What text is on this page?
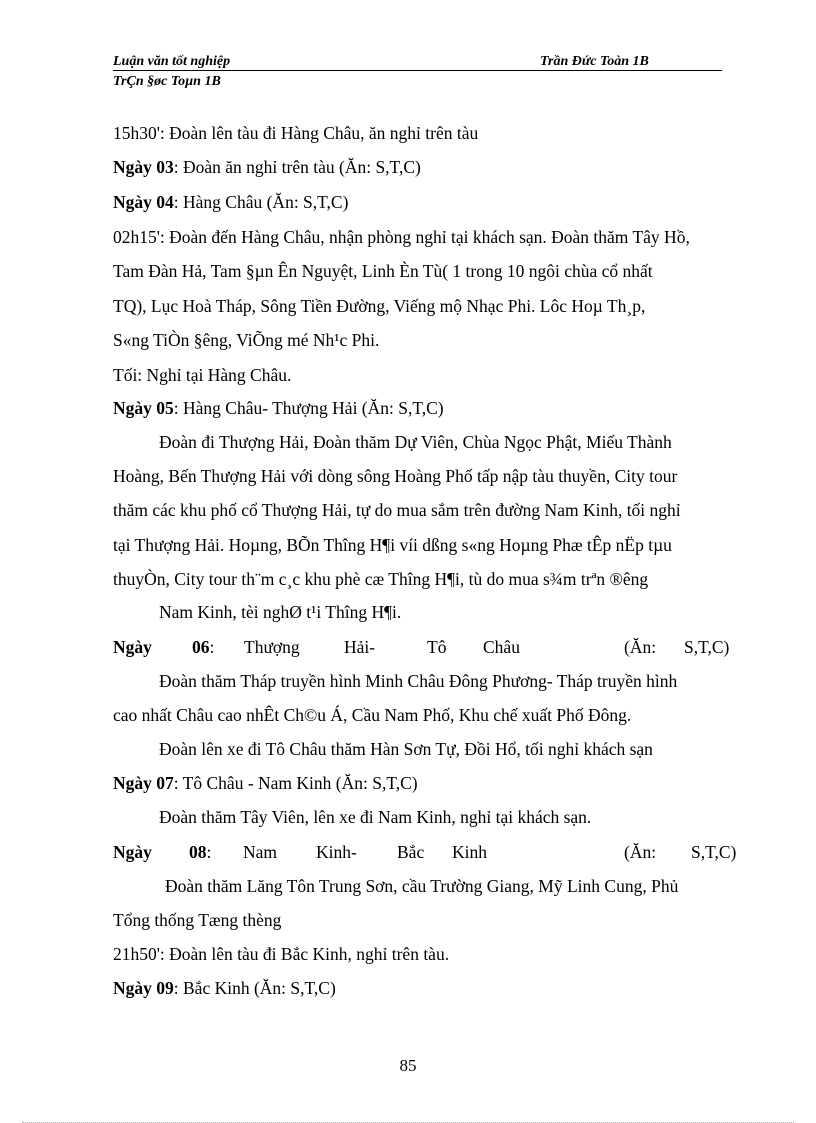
Luận văn tốt nghiệp	Trần Đức Toàn 1B
TrÇn §øc Toµn 1B
15h30': Đoàn lên tàu đi Hàng Châu, ăn nghỉ trên tàu
Ngày 03: Đoàn ăn nghỉ trên tàu (Ăn: S,T,C)
Ngày 04: Hàng Châu (Ăn: S,T,C)
02h15': Đoàn đến Hàng Châu, nhận phòng nghỉ tại khách sạn. Đoàn thăm Tây Hồ,
Tam Đàn Hả, Tam §µn Ên Nguyệt, Linh Èn Tù( 1 trong 10 ngôi chùa cổ nhất
TQ), Lục Hoà Tháp, Sông Tiền Đường, Viếng mộ Nhạc Phi. Lôc Hoµ Th¸p,
S«ng TiÒn §êng, ViÕng mé Nh¹c Phi.
Tối: Nghỉ tại Hàng Châu.
Ngày 05: Hàng Châu- Thượng Hải (Ăn: S,T,C)
Đoàn đi Thượng Hải, Đoàn thăm Dự Viên, Chùa Ngọc Phật, Miếu Thành
Hoàng, Bến Thượng Hải với dòng sông Hoàng Phố tấp nập tàu thuyền, City tour
thăm các khu phố cổ Thượng Hải, tự do mua sắm trên đường Nam Kinh, tối nghỉ
tại Thượng Hải. Hoµng, BÕn Thîng H¶i víi dßng s«ng Hoµng Phæ tÊp nËp tµu
thuyÒn, City tour th¨m c¸c khu phè cæ Thîng H¶i, tù do mua s¾m trªn ®êng
Nam Kinh, tèi nghØ t¹i Thîng H¶i.
Ngày 06: Thượng	Hải-	Tô Châu	(Ăn: S,T,C)
Đoàn thăm Tháp truyền hình Minh Châu Đông Phương- Tháp truyền hình
cao nhất Châu cao nhÊt Ch©u Á, Cầu Nam Phố, Khu chế xuất Phố Đông.
Đoàn lên xe đi Tô Châu thăm Hàn Sơn Tự, Đồi Hổ, tối nghỉ khách sạn
Ngày 07: Tô Châu - Nam Kinh (Ăn: S,T,C)
Đoàn thăm Tây Viên, lên xe đi Nam Kinh, nghỉ tại khách sạn.
Ngày 08: Nam Kinh- Bắc Kinh	(Ăn: S,T,C)
Đoàn thăm Lăng Tôn Trung Sơn, cầu Trường Giang, Mỹ Linh Cung, Phủ
Tổng thống Tæng thèng
21h50': Đoàn lên tàu đi Bắc Kinh, nghỉ trên tàu.
Ngày 09: Bắc Kinh (Ăn: S,T,C)
85
